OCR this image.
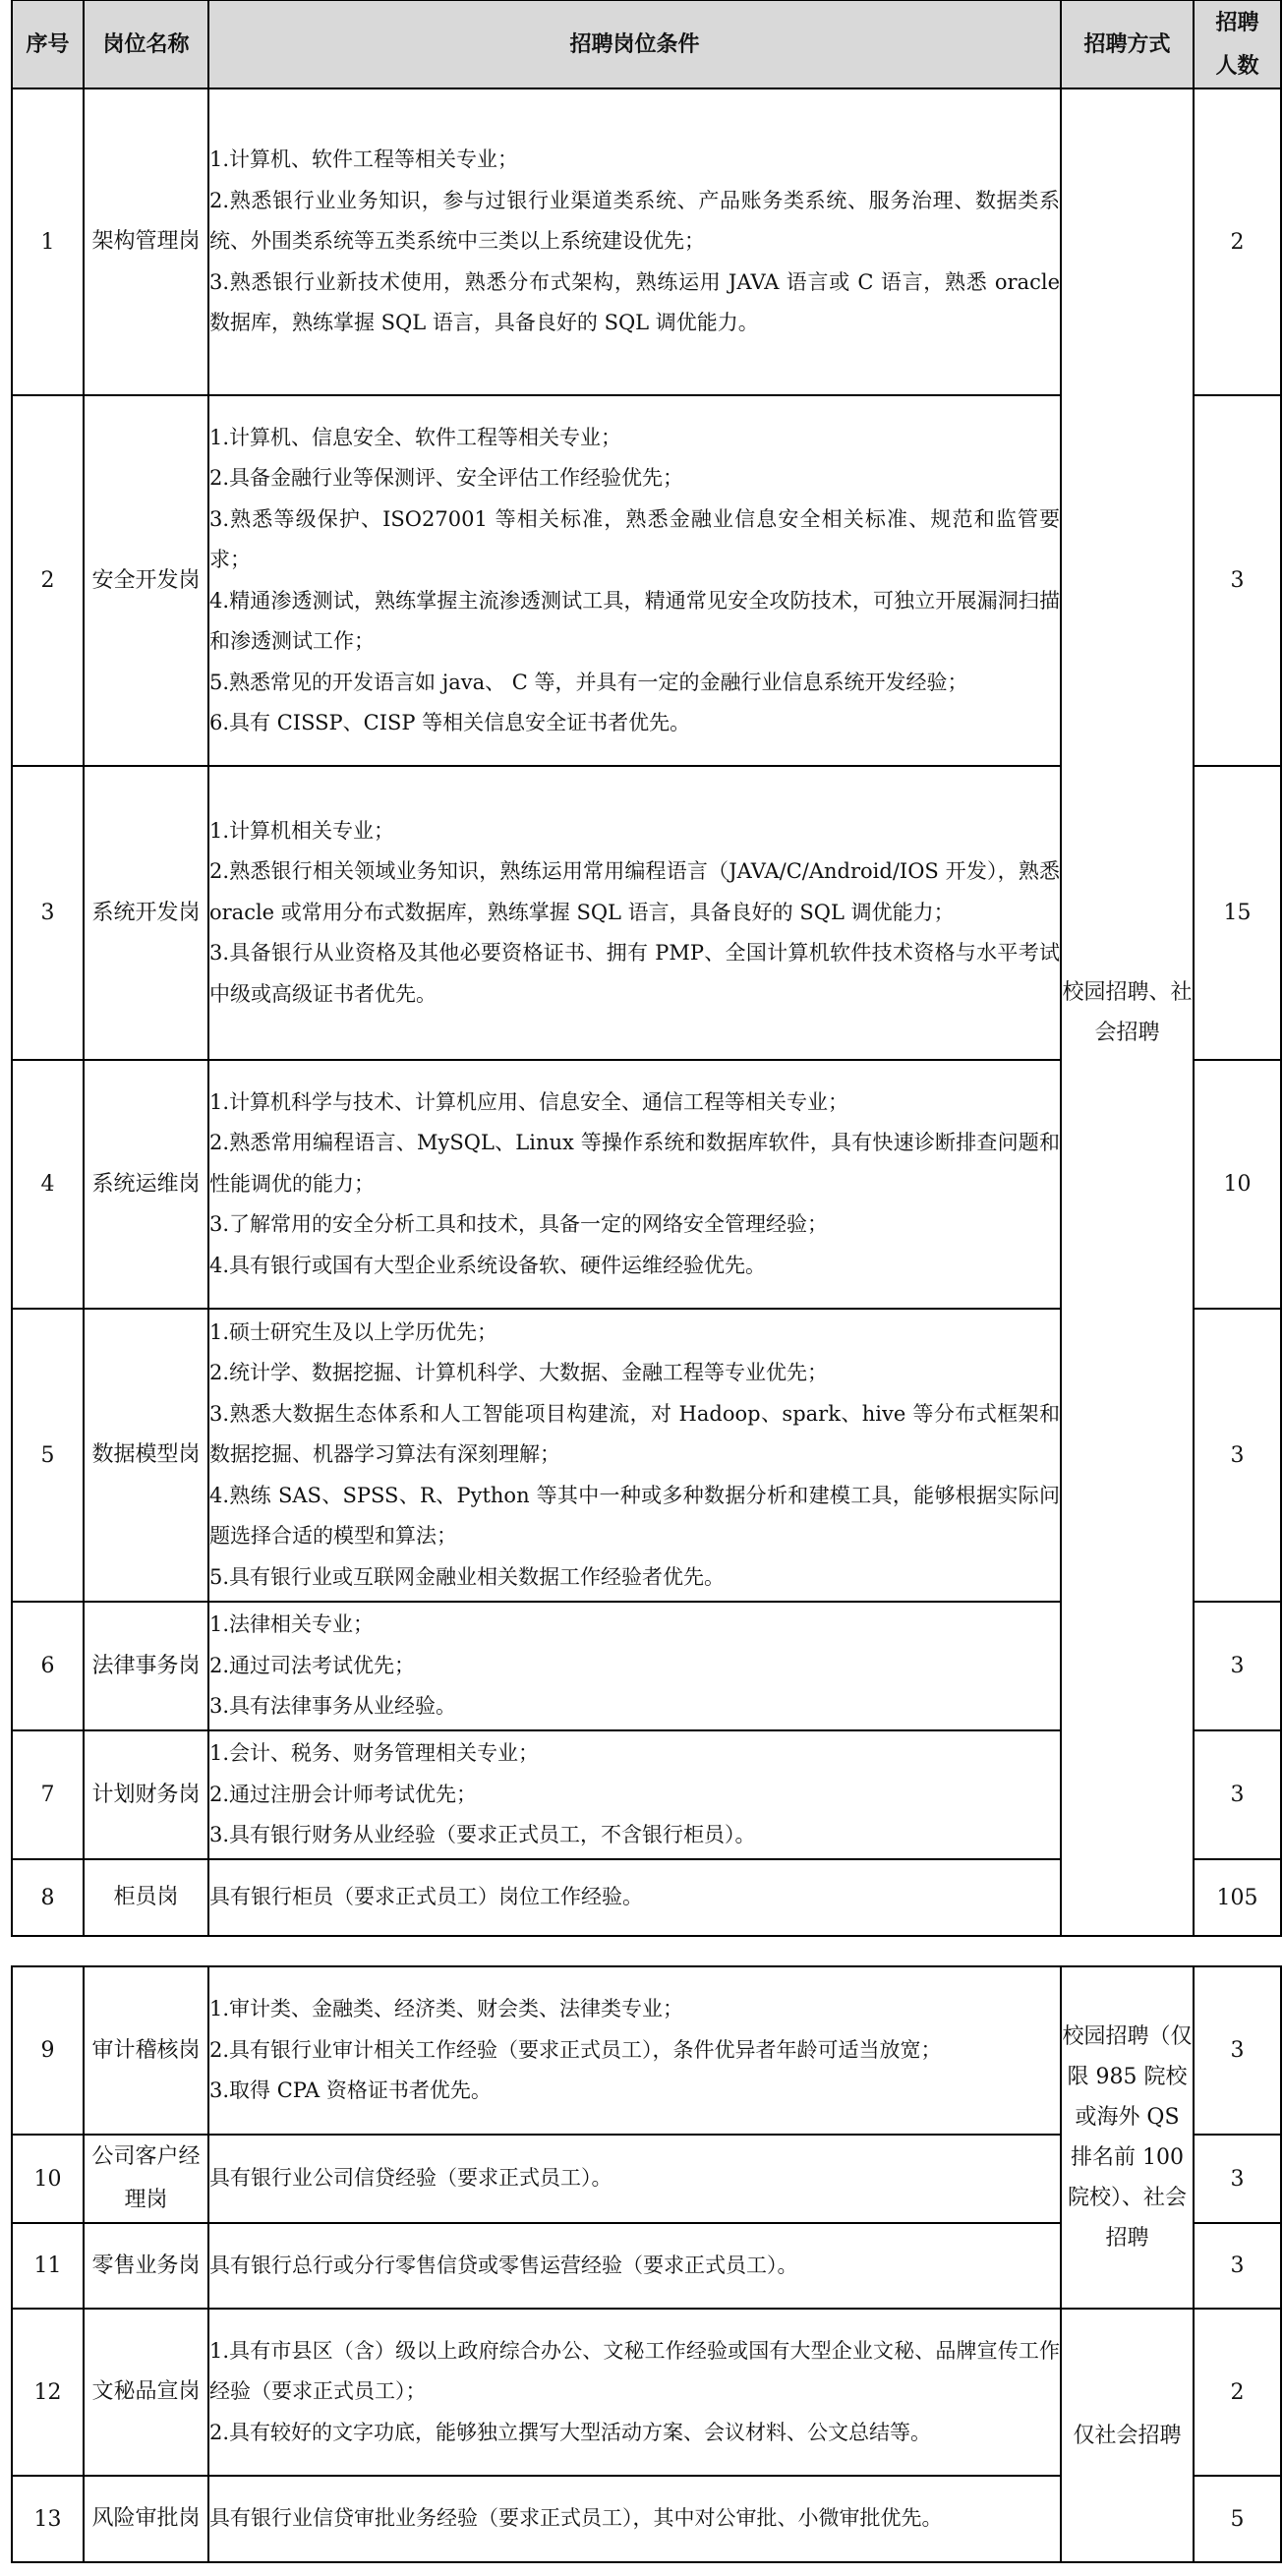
序号	岗位名称	招聘岗位条件	招聘方式	招聘
人数

1	架构管理岗	1.计算机、软件工程等相关专业；
2.熟悉银行业业务知识，参与过银行业渠道类系统、产品账务类系统、服务治理、数据类系统、外围类系统等五类系统中三类以上系统建设优先；
3.熟悉银行业新技术使用，熟悉分布式架构，熟练运用 JAVA 语言或 C 语言，熟悉 oracle 数据库，熟练掌握 SQL 语言，具备良好的 SQL 调优能力。	校园招聘、社会招聘	2
2	安全开发岗	
1.计算机、信息安全、软件工程等相关专业；
2.具备金融行业等保测评、安全评估工作经验优先；
3.熟悉等级保护、ISO27001 等相关标准，熟悉金融业信息安全相关标准、规范和监管要求；
4.精通渗透测试，熟练掌握主流渗透测试工具，精通常见安全攻防技术，可独立开展漏洞扫描和渗透测试工作；
5.熟悉常见的开发语言如 java、 C 等，并具有一定的金融行业信息系统开发经验；
6.具有 CISSP、CISP 等相关信息安全证书者优先。
	3
3	系统开发岗	1.计算机相关专业；
2.熟悉银行相关领域业务知识，熟练运用常用编程语言（JAVA/C/Android/IOS 开发），熟悉 oracle 或常用分布式数据库，熟练掌握 SQL 语言，具备良好的 SQL 调优能力；
3.具备银行从业资格及其他必要资格证书、拥有 PMP、全国计算机软件技术资格与水平考试中级或高级证书者优先。		15
4	系统运维岗	1.计算机科学与技术、计算机应用、信息安全、通信工程等相关专业；
2.熟悉常用编程语言、MySQL、Linux 等操作系统和数据库软件，具有快速诊断排查问题和性能调优的能力；
3.了解常用的安全分析工具和技术，具备一定的网络安全管理经验；
4.具有银行或国有大型企业系统设备软、硬件运维经验优先。		10
5	数据模型岗	1.硕士研究生及以上学历优先；
2.统计学、数据挖掘、计算机科学、大数据、金融工程等专业优先；
3.熟悉大数据生态体系和人工智能项目构建流，对 Hadoop、spark、hive 等分布式框架和数据挖掘、机器学习算法有深刻理解；
4.熟练 SAS、SPSS、R、Python 等其中一种或多种数据分析和建模工具，能够根据实际问题选择合适的模型和算法；
5.具有银行业或互联网金融业相关数据工作经验者优先。		3
6	法律事务岗	1.法律相关专业；
2.通过司法考试优先；
3.具有法律事务从业经验。		3
7	计划财务岗	1.会计、税务、财务管理相关专业；
2.通过注册会计师考试优先；
3.具有银行财务从业经验（要求正式员工，不含银行柜员）。		3
8	柜员岗	具有银行柜员（要求正式员工）岗位工作经验。		105
9	审计稽核岗	1.审计类、金融类、经济类、财会类、法律类专业；
2.具有银行业审计相关工作经验（要求正式员工），条件优异者年龄可适当放宽；
3.取得 CPA 资格证书者优先。	校园招聘（仅限 985 院校或海外 QS 排名前 100 院校）、社会招聘	3
10	公司客户经理岗	具有银行业公司信贷经验（要求正式员工）。		3
11	零售业务岗	具有银行总行或分行零售信贷或零售运营经验（要求正式员工）。		3
12	文秘品宣岗	1.具有市县区（含）级以上政府综合办公、文秘工作经验或国有大型企业文秘、品牌宣传工作经验（要求正式员工）；
2.具有较好的文字功底，能够独立撰写大型活动方案、会议材料、公文总结等。	仅社会招聘	2
13	风险审批岗	具有银行业信贷审批业务经验（要求正式员工），其中对公审批、小微审批优先。		5
